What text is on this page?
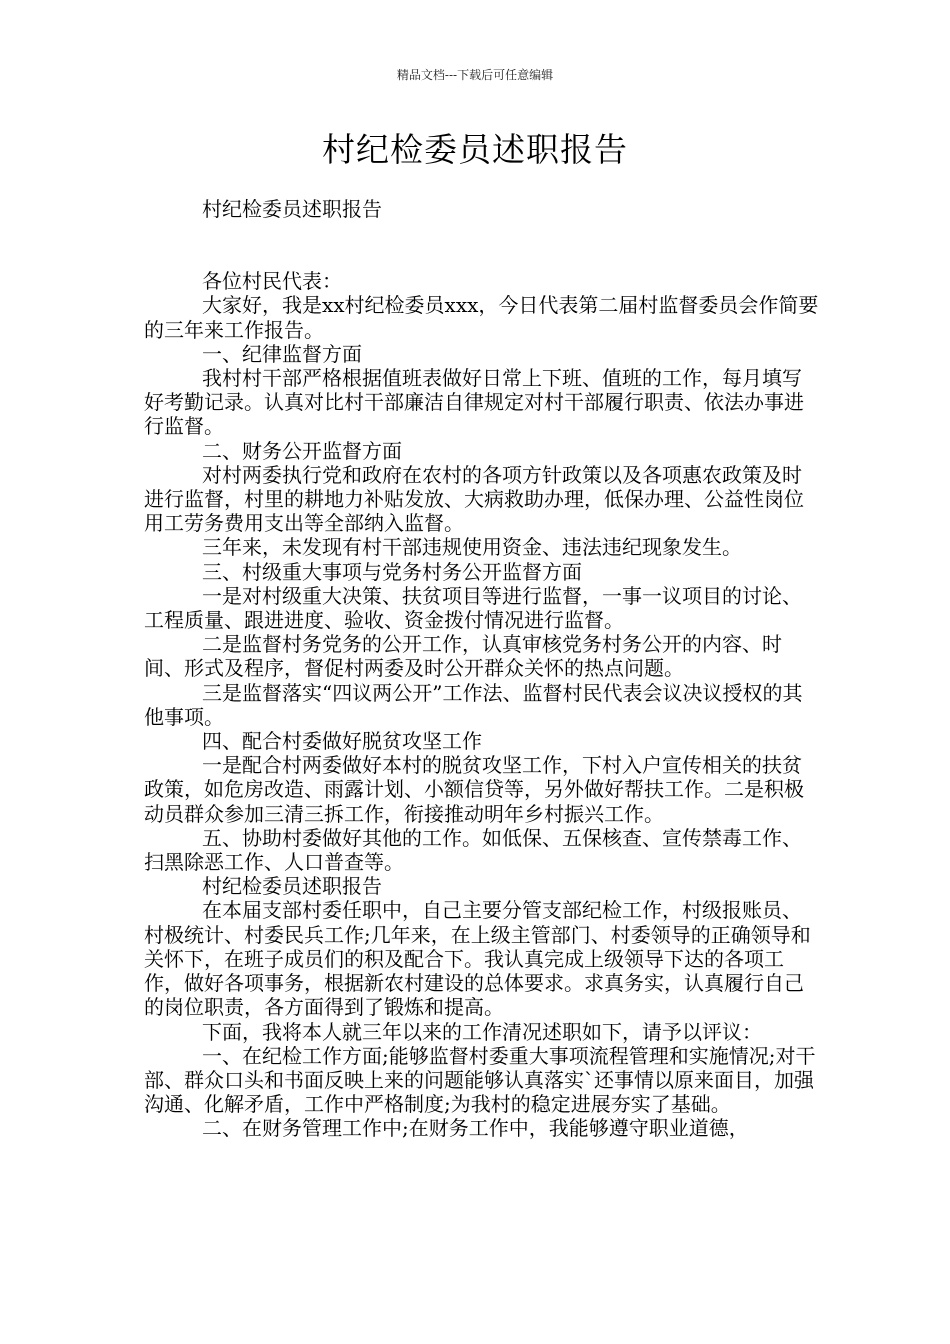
精品文档---下载后可任意编辑
村纪检委员述职报告

村纪检委员述职报告

各位村民代表：

大家好，我是xx村纪检委员xxx，今日代表第二届村监督委员会作简要的三年来工作报告。

一、纪律监督方面

我村村干部严格根据值班表做好日常上下班、值班的工作，每月填写好考勤记录。认真对比村干部廉洁自律规定对村干部履行职责、依法办事进行监督。

二、财务公开监督方面

对村两委执行党和政府在农村的各项方针政策以及各项惠农政策及时进行监督，村里的耕地力补贴发放、大病救助办理，低保办理、公益性岗位用工劳务费用支出等全部纳入监督。

三年来，未发现有村干部违规使用资金、违法违纪现象发生。

三、村级重大事项与党务村务公开监督方面

一是对村级重大决策、扶贫项目等进行监督，一事一议项目的讨论、工程质量、跟进进度、验收、资金拨付情况进行监督。

二是监督村务党务的公开工作，认真审核党务村务公开的内容、时间、形式及程序，督促村两委及时公开群众关怀的热点问题。

三是监督落实“四议两公开”工作法、监督村民代表会议决议授权的其他事项。

四、配合村委做好脱贫攻坚工作

一是配合村两委做好本村的脱贫攻坚工作，下村入户宣传相关的扶贫政策，如危房改造、雨露计划、小额信贷等，另外做好帮扶工作。二是积极动员群众参加三清三拆工作，衔接推动明年乡村振兴工作。

五、协助村委做好其他的工作。如低保、五保核查、宣传禁毒工作、扫黑除恶工作、人口普查等。

村纪检委员述职报告

在本届支部村委任职中，自己主要分管支部纪检工作，村级报账员、村极统计、村委民兵工作;几年来，在上级主管部门、村委领导的正确领导和关怀下，在班子成员们的积及配合下。我认真完成上级领导下达的各项工作，做好各项事务，根据新农村建设的总体要求。求真务实，认真履行自己的岗位职责，各方面得到了锻炼和提高。

下面，我将本人就三年以来的工作清况述职如下，请予以评议：

一、在纪检工作方面;能够监督村委重大事项流程管理和实施情况;对干部、群众口头和书面反映上来的问题能够认真落实`还事情以原来面目，加强沟通、化解矛盾，工作中严格制度;为我村的稳定进展夯实了基础。

二、在财务管理工作中;在财务工作中，我能够遵守职业道德，
